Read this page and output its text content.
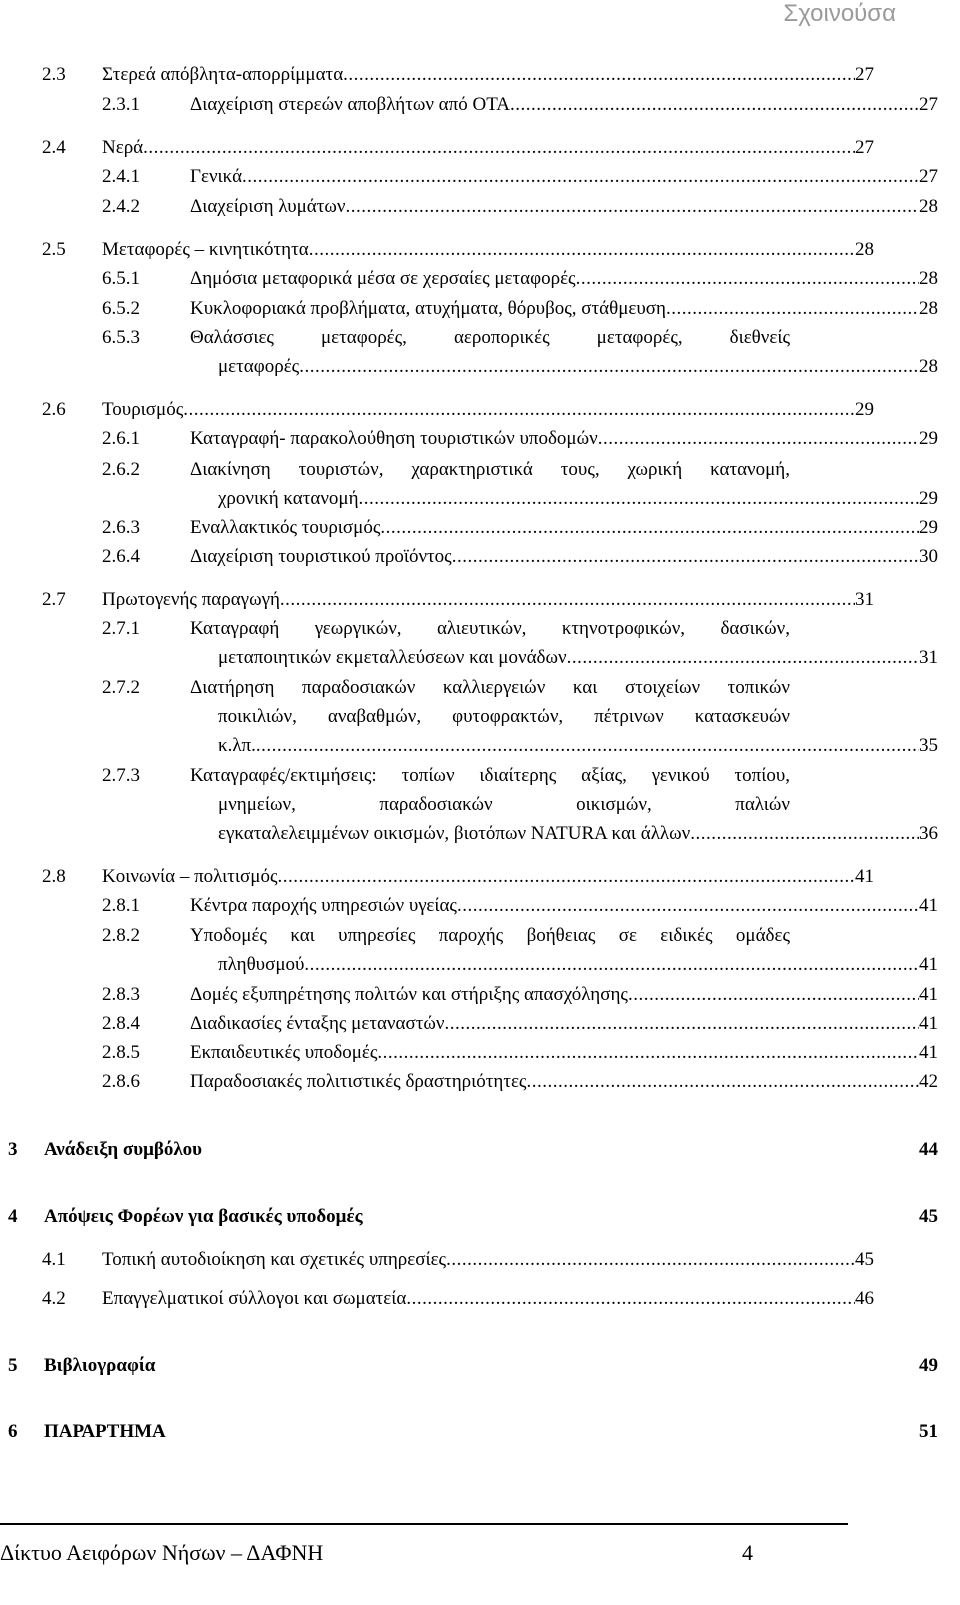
Σχοινούσα
2.3	Στερεά απόβλητα-απορρίμματα .....	27
2.3.1	Διαχείριση στερεών αποβλήτων από ΟΤΑ .....	27
2.4	Νερά .....	27
2.4.1	Γενικά .....	27
2.4.2	Διαχείριση λυμάτων .....	28
2.5	Μεταφορές – κινητικότητα .....	28
6.5.1	Δημόσια μεταφορικά μέσα σε χερσαίες μεταφορές .....	28
6.5.2	Κυκλοφοριακά προβλήματα, ατυχήματα, θόρυβος, στάθμευση .....	28
6.5.3	Θαλάσσιες μεταφορές, αεροπορικές μεταφορές, διεθνείς
μεταφορές .....	28
2.6	Τουρισμός .....	29
2.6.1	Καταγραφή- παρακολούθηση τουριστικών υποδομών .....	29
2.6.2	Διακίνηση τουριστών, χαρακτηριστικά τους, χωρική κατανομή,
χρονική κατανομή .....	29
2.6.3	Εναλλακτικός τουρισμός .....	29
2.6.4	Διαχείριση τουριστικού προϊόντος .....	30
2.7	Πρωτογενής παραγωγή .....	31
2.7.1	Καταγραφή γεωργικών, αλιευτικών, κτηνοτροφικών, δασικών,
μεταποιητικών εκμεταλλεύσεων και μονάδων .....	31
2.7.2	Διατήρηση παραδοσιακών καλλιεργειών και στοιχείων τοπικών
ποικιλιών, αναβαθμών, φυτοφρακτών, πέτρινων κατασκευών
κ.λπ. .....	35
2.7.3	Καταγραφές/εκτιμήσεις: τοπίων ιδιαίτερης αξίας, γενικού τοπίου,
μνημείων, παραδοσιακών οικισμών, παλιών
εγκαταλελειμμένων οικισμών, βιοτόπων NATURA και άλλων .....	36
2.8	Κοινωνία – πολιτισμός .....	41
2.8.1	Κέντρα παροχής υπηρεσιών υγείας .....	41
2.8.2	Υποδομές και υπηρεσίες παροχής βοήθειας σε ειδικές ομάδες
πληθυσμού .....	41
2.8.3	Δομές εξυπηρέτησης πολιτών και στήριξης απασχόλησης .....	41
2.8.4	Διαδικασίες ένταξης μεταναστών .....	41
2.8.5	Εκπαιδευτικές υποδομές .....	41
2.8.6	Παραδοσιακές πολιτιστικές δραστηριότητες .....	42
3	Ανάδειξη συμβόλου	44
4	Απόψεις Φορέων για βασικές υποδομές	45
4.1	Τοπική αυτοδιοίκηση και σχετικές υπηρεσίες .....	45
4.2	Επαγγελματικοί σύλλογοι και σωματεία .....	46
5	Βιβλιογραφία	49
6	ΠΑΡΑΡΤΗΜΑ	51
Δίκτυο Αειφόρων Νήσων – ΔΑΦΝΗ	4
